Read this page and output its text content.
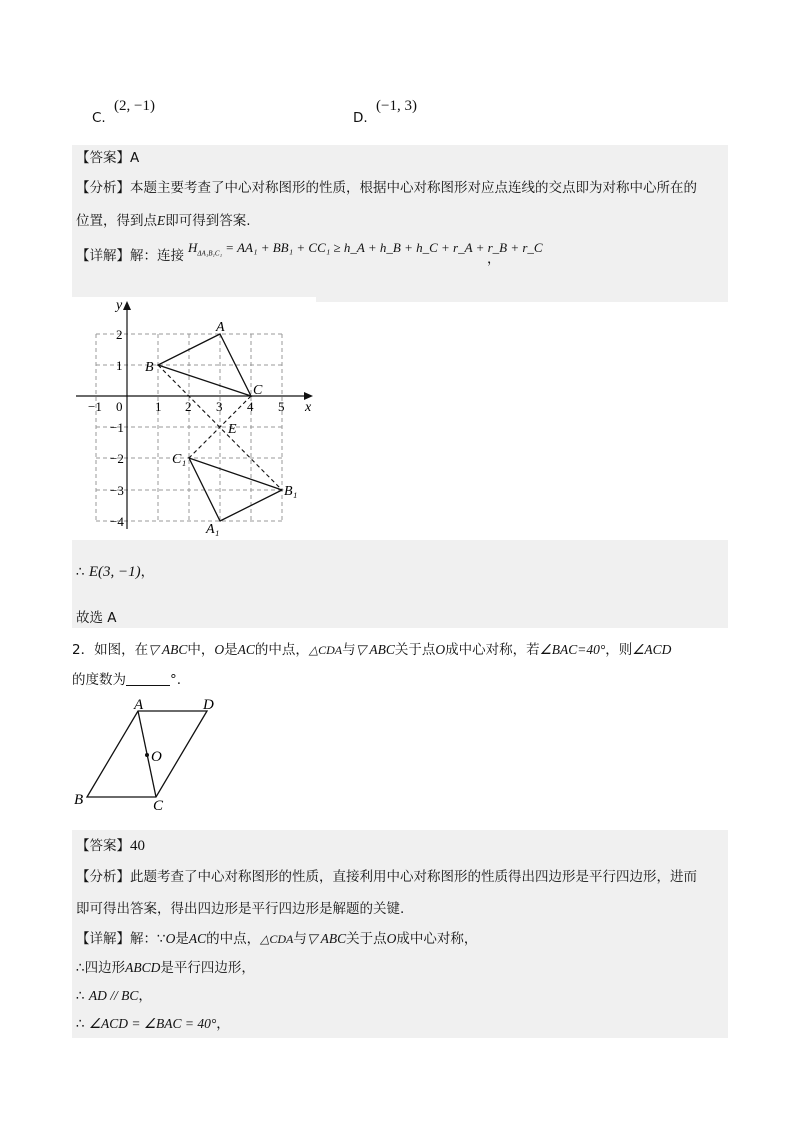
C.
(2, −1)
D.
(−1, 3)
【答案】A
【分析】本题主要考查了中心对称图形的性质，根据中心对称图形对应点连线的交点即为对称中心所在的
位置，得到点E即可得到答案.
【详解】解：连接
$H_{\Delta A_1B_1C_1} = AA_1 + BB_1 + CC_1$ ≥ h_A + h_B + h_C + r_A + r_B + r_C
，
x
y
−1 0	1 2 3 4 5
2
1
−1
−2
−3
−4
A
B
C
E
C₁
B₁
A₁
∴ E(3, −1)，
故选 A
2．如图，在▽ ABC中，O是AC的中点，△CDA与▽ ABC关于点O成中心对称，若∠BAC=40°，则∠ACD
的度数为	°.
A	D
O
B	C
【答案】40
【分析】此题考查了中心对称图形的性质，直接利用中心对称图形的性质得出四边形是平行四边形，进而
即可得出答案，得出四边形是平行四边形是解题的关键.
【详解】解：∵O是AC的中点，△CDA与▽ ABC关于点O成中心对称，
∴四边形ABCD是平行四边形，
∴ AD // BC，
∴ ∠ACD = ∠BAC = 40°，
